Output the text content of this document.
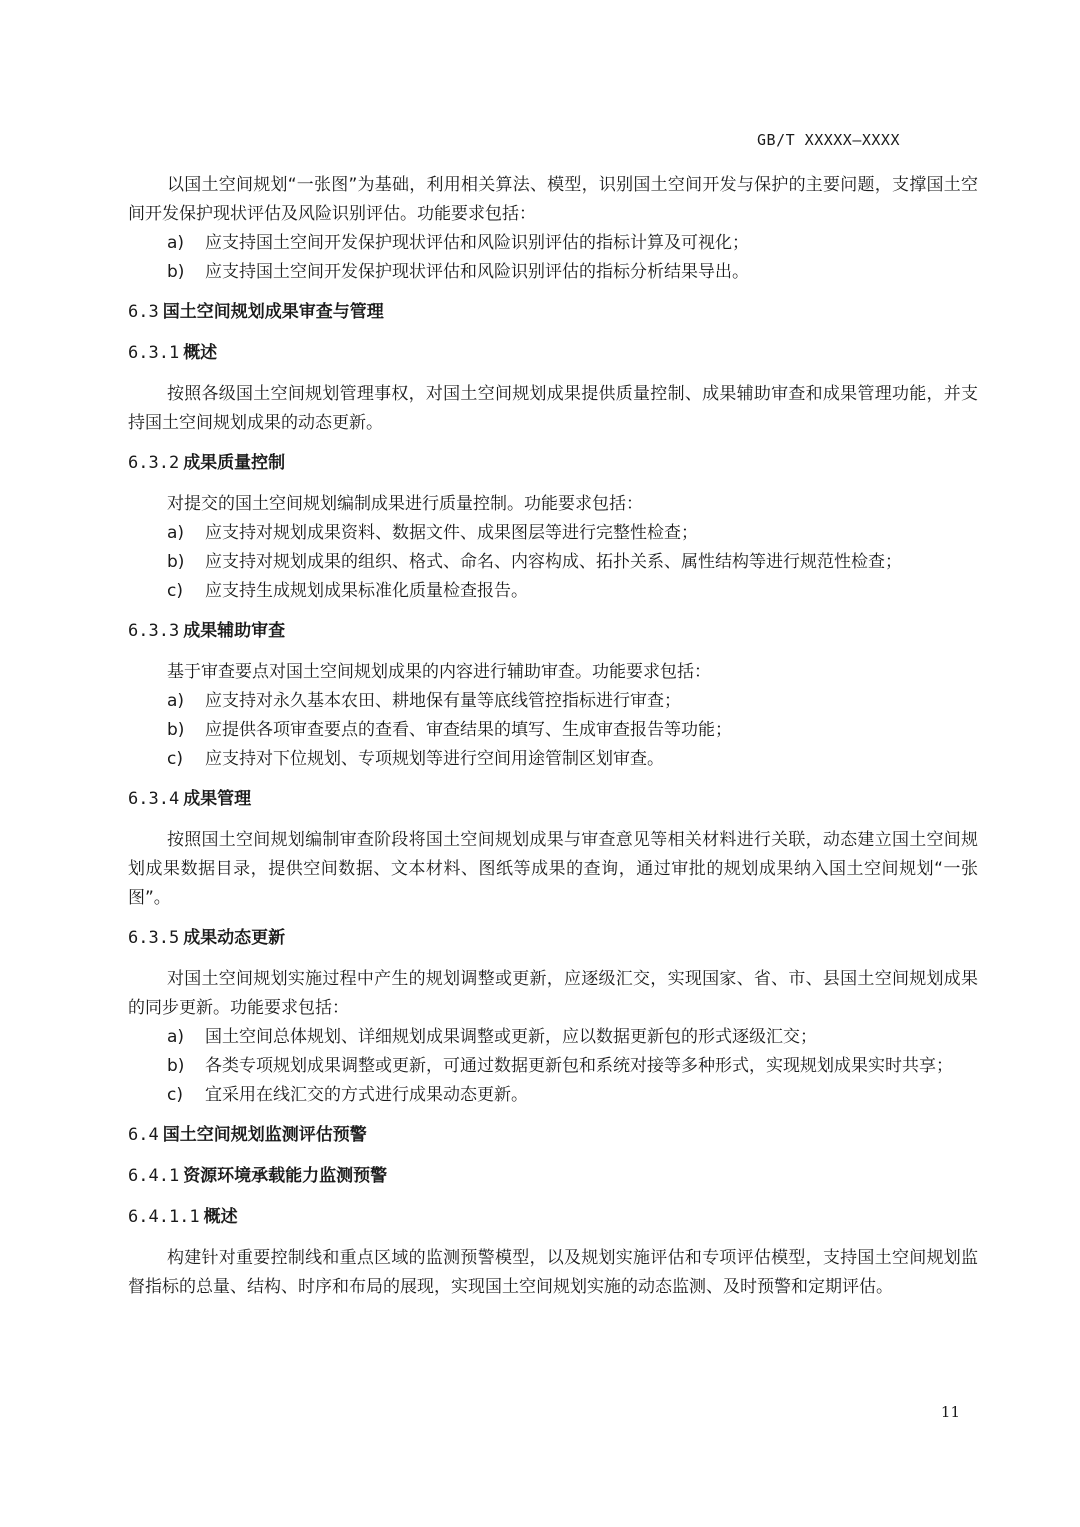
GB/T XXXXX—XXXX

以国土空间规划“一张图”为基础，利用相关算法、模型，识别国土空间开发与保护的主要问题，支撑国土空间开发保护现状评估及风险识别评估。功能要求包括：

a)	应支持国土空间开发保护现状评估和风险识别评估的指标计算及可视化；
b)	应支持国土空间开发保护现状评估和风险识别评估的指标分析结果导出。
6.3 国土空间规划成果审查与管理
6.3.1 概述

按照各级国土空间规划管理事权，对国土空间规划成果提供质量控制、成果辅助审查和成果管理功能，并支持国土空间规划成果的动态更新。

6.3.2 成果质量控制

对提交的国土空间规划编制成果进行质量控制。功能要求包括：

a)	应支持对规划成果资料、数据文件、成果图层等进行完整性检查；
b)	应支持对规划成果的组织、格式、命名、内容构成、拓扑关系、属性结构等进行规范性检查；
c)	应支持生成规划成果标准化质量检查报告。
6.3.3 成果辅助审查

基于审查要点对国土空间规划成果的内容进行辅助审查。功能要求包括：

a)	应支持对永久基本农田、耕地保有量等底线管控指标进行审查；
b)	应提供各项审查要点的查看、审查结果的填写、生成审查报告等功能；
c)	应支持对下位规划、专项规划等进行空间用途管制区划审查。
6.3.4 成果管理

按照国土空间规划编制审查阶段将国土空间规划成果与审查意见等相关材料进行关联，动态建立国土空间规划成果数据目录，提供空间数据、文本材料、图纸等成果的查询，通过审批的规划成果纳入国土空间规划“一张图”。

6.3.5 成果动态更新

对国土空间规划实施过程中产生的规划调整或更新，应逐级汇交，实现国家、省、市、县国土空间规划成果的同步更新。功能要求包括：

a)	国土空间总体规划、详细规划成果调整或更新，应以数据更新包的形式逐级汇交；
b)	各类专项规划成果调整或更新，可通过数据更新包和系统对接等多种形式，实现规划成果实时共享；
c)	宜采用在线汇交的方式进行成果动态更新。
6.4 国土空间规划监测评估预警
6.4.1 资源环境承载能力监测预警
6.4.1.1 概述

构建针对重要控制线和重点区域的监测预警模型，以及规划实施评估和专项评估模型，支持国土空间规划监督指标的总量、结构、时序和布局的展现，实现国土空间规划实施的动态监测、及时预警和定期评估。

11
